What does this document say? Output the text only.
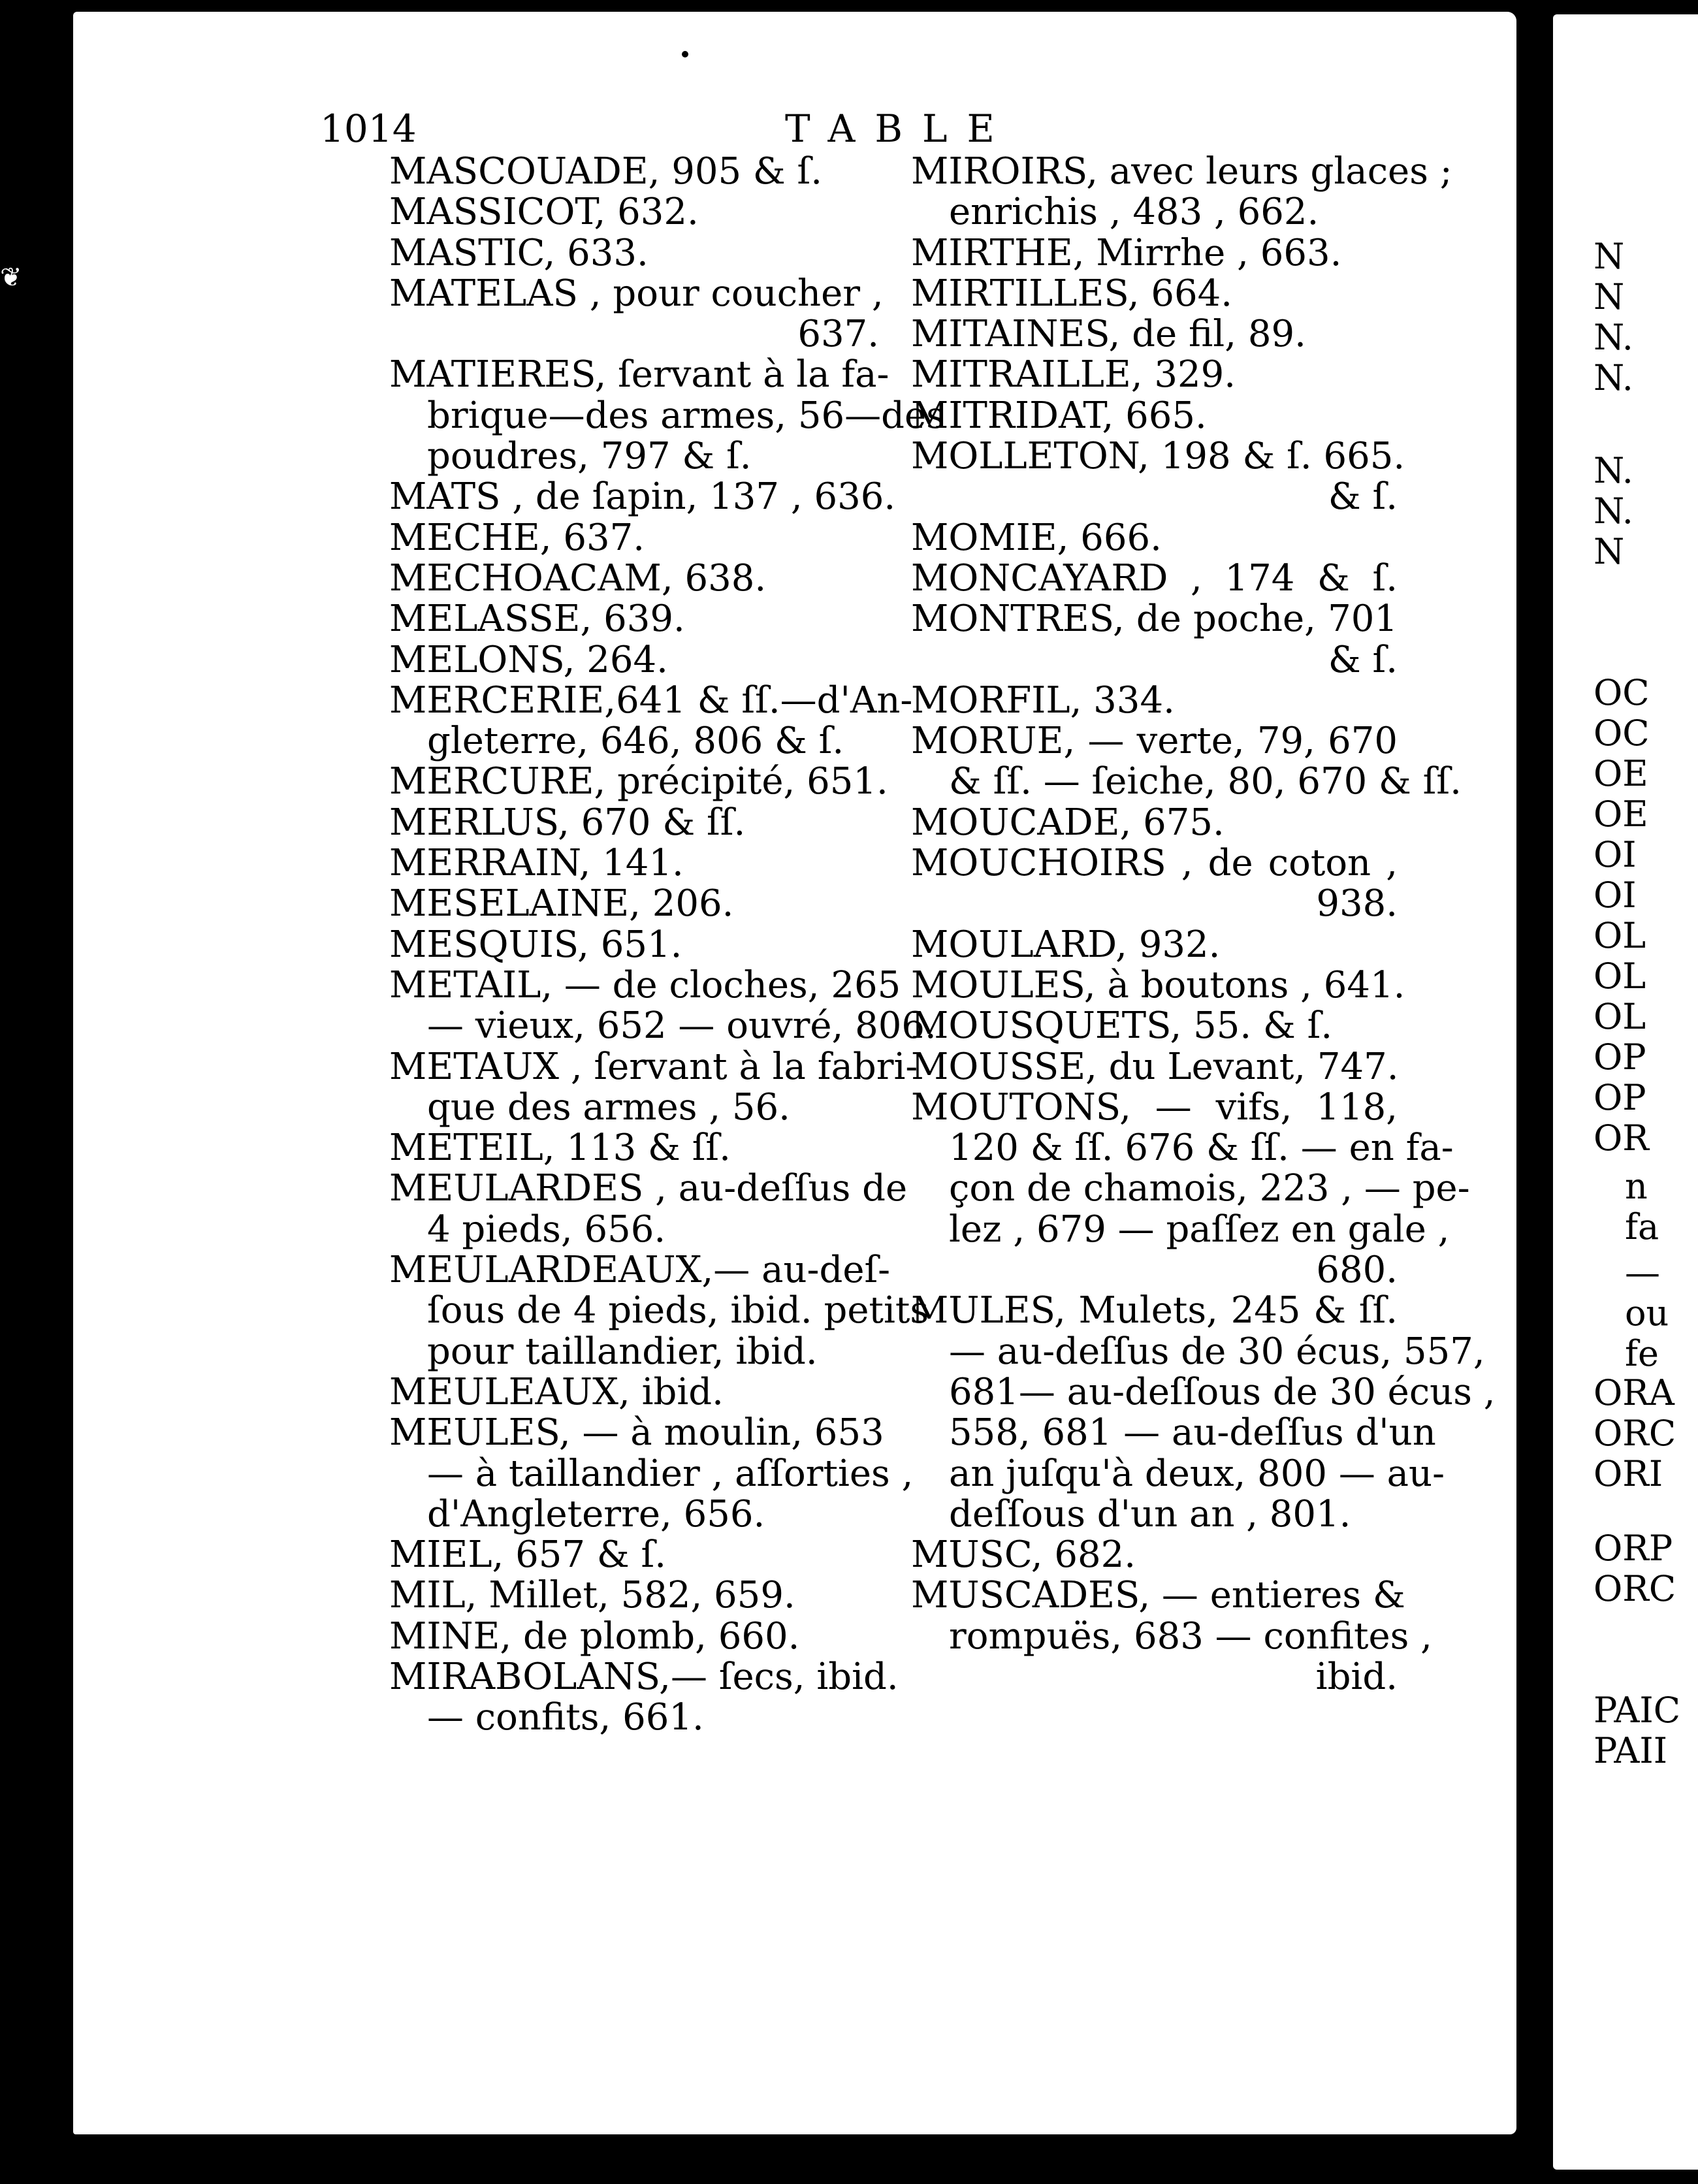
❦
1014	TABLE
MASCOUADE, 905 & ſ.
MASSICOT, 632.
MASTIC, 633.
MATELAS , pour coucher ,
637.
MATIERES, ſervant à la fa-
brique—des armes, 56—des
poudres, 797 & ſ.
MATS , de ſapin, 137 , 636.
MECHE, 637.
MECHOACAM, 638.
MELASSE, 639.
MELONS, 264.
MERCERIE,641 & ſſ.—d'An-
gleterre, 646, 806 & ſ.
MERCURE, précipité, 651.
MERLUS, 670 & ſſ.
MERRAIN, 141.
MESELAINE, 206.
MESQUIS, 651.
METAIL, — de cloches, 265
— vieux, 652 — ouvré, 806.
METAUX , ſervant à la fabri-
que des armes , 56.
METEIL, 113 & ſſ.
MEULARDES , au-deſſus de
4 pieds, 656.
MEULARDEAUX,— au-deſ-
ſous de 4 pieds, ibid. petits
pour taillandier, ibid.
MEULEAUX, ibid.
MEULES, — à moulin, 653
— à taillandier , aſſorties ,
d'Angleterre, 656.
MIEL, 657 & ſ.
MIL, Millet, 582, 659.
MINE, de plomb, 660.
MIRABOLANS,— ſecs, ibid.
— confits, 661.
MIROIRS, avec leurs glaces ;
enrichis , 483 , 662.
MIRTHE, Mirrhe , 663.
MIRTILLES, 664.
MITAINES, de fil, 89.
MITRAILLE, 329.
MITRIDAT, 665.
MOLLETON, 198 & ſ. 665.
& ſ.
MOMIE, 666.
MONCAYARD , 174 & ſ.
MONTRES, de poche, 701
& ſ.
MORFIL, 334.
MORUE, — verte, 79, 670
& ſſ. — ſeiche, 80, 670 & ſſ.
MOUCADE, 675.
MOUCHOIRS , de coton ,
938.
MOULARD, 932.
MOULES, à boutons , 641.
MOUSQUETS, 55. & ſ.
MOUSSE, du Levant, 747.
MOUTONS, — vifs, 118,
120 & ſſ. 676 & ſſ. — en fa-
çon de chamois, 223 , — pe-
lez , 679 — paſſez en gale ,
680.
MULES, Mulets, 245 & ſſ.
— au-deſſus de 30 écus, 557,
681— au-deſſous de 30 écus ,
558, 681 — au-deſſus d'un
an juſqu'à deux, 800 — au-
deſſous d'un an , 801.
MUSC, 682.
MUSCADES, — entieres &
rompuës, 683 — confites ,
ibid.
N
N
N.
N.
N.
N.
N
OC
OC
OE
OE
OI
OI
OL
OL
OL
OP
OP
OR
n
fa
—
ou
fe
ORA
ORC
ORI
ORP
ORC
PAIC
PAII
